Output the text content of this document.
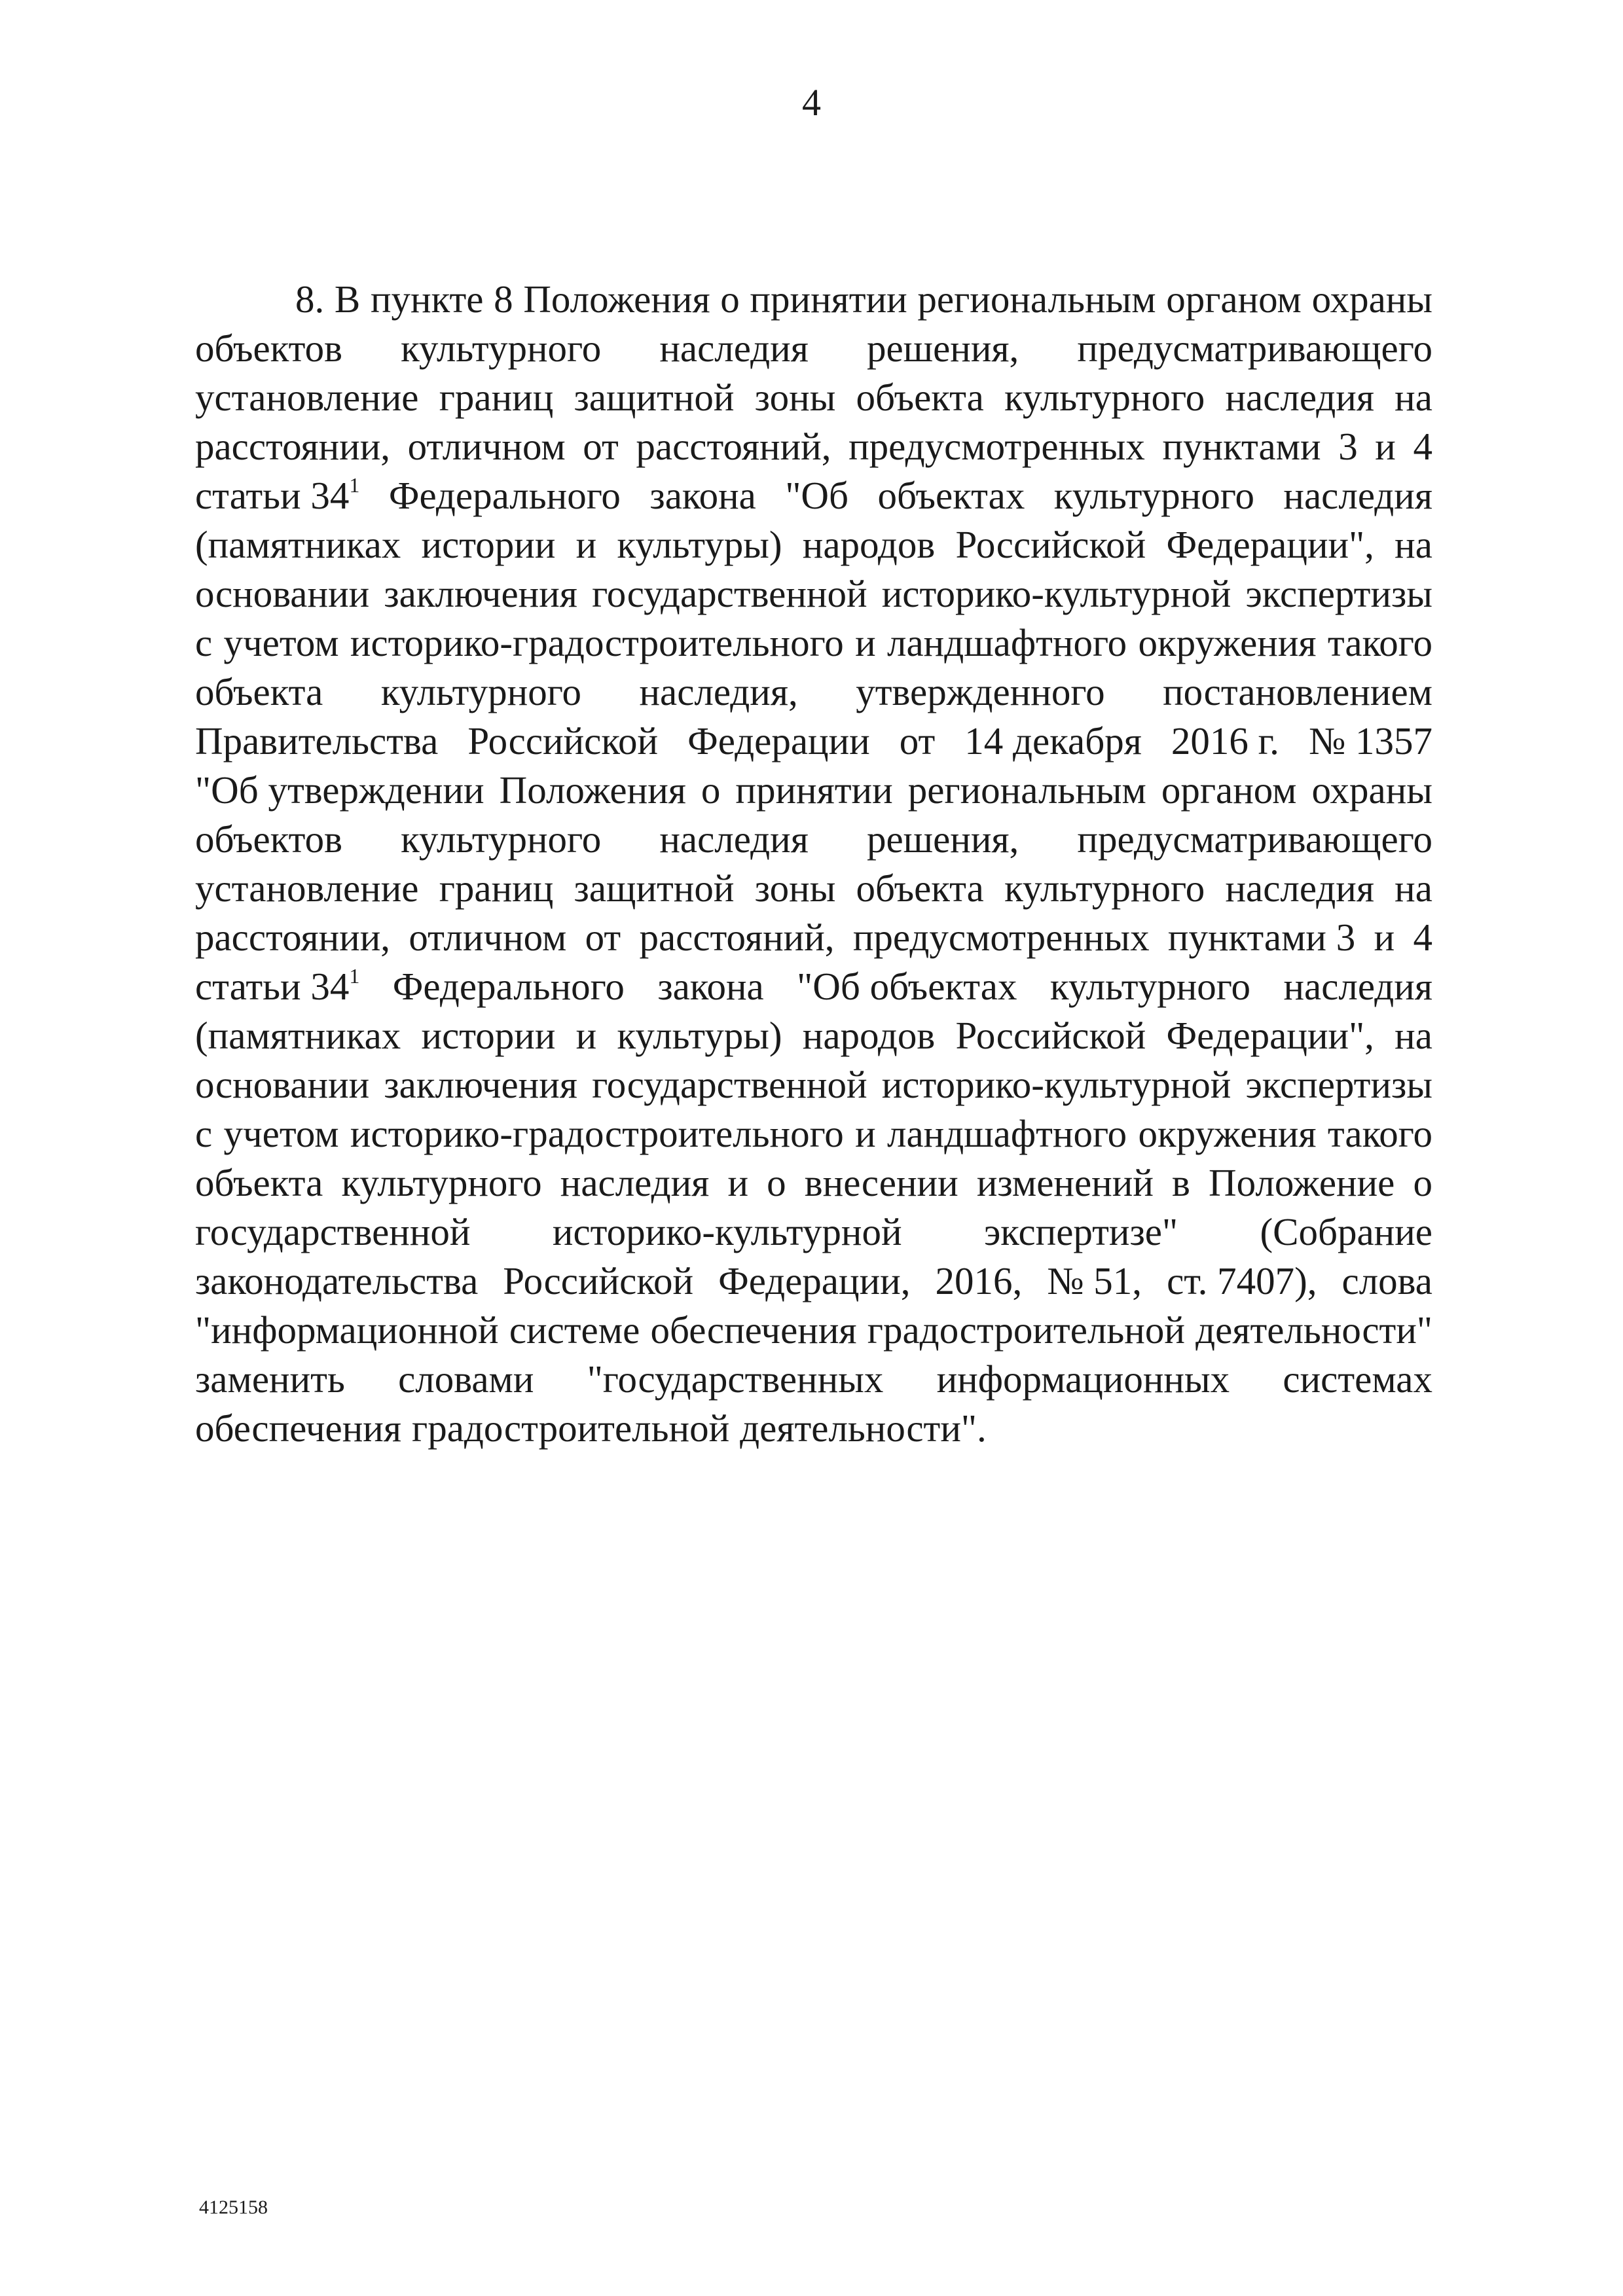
4
8. В пункте 8 Положения о принятии региональным органом охраны
объектов культурного наследия решения, предусматривающего
установление границ защитной зоны объекта культурного наследия на
расстоянии, отличном от расстояний, предусмотренных пунктами 3 и 4
статьи $34^1$ Федерального закона "Об объектах культурного наследия
(памятниках истории и культуры) народов Российской Федерации", на
основании заключения государственной историко-культурной экспертизы
с учетом историко-градостроительного и ландшафтного окружения такого
объекта культурного наследия, утвержденного постановлением
Правительства Российской Федерации от 14 декабря 2016 г. № 1357
"Об утверждении Положения о принятии региональным органом охраны
объектов культурного наследия решения, предусматривающего
установление границ защитной зоны объекта культурного наследия на
расстоянии, отличном от расстояний, предусмотренных пунктами 3 и 4
статьи $34^1$ Федерального закона "Об объектах культурного наследия
(памятниках истории и культуры) народов Российской Федерации", на
основании заключения государственной историко-культурной экспертизы
с учетом историко-градостроительного и ландшафтного окружения такого
объекта культурного наследия и о внесении изменений в Положение о
государственной историко-культурной экспертизе" (Собрание
законодательства Российской Федерации, 2016, № 51, ст. 7407), слова
"информационной системе обеспечения градостроительной деятельности"
заменить словами "государственных информационных системах
обеспечения градостроительной деятельности".
4125158
